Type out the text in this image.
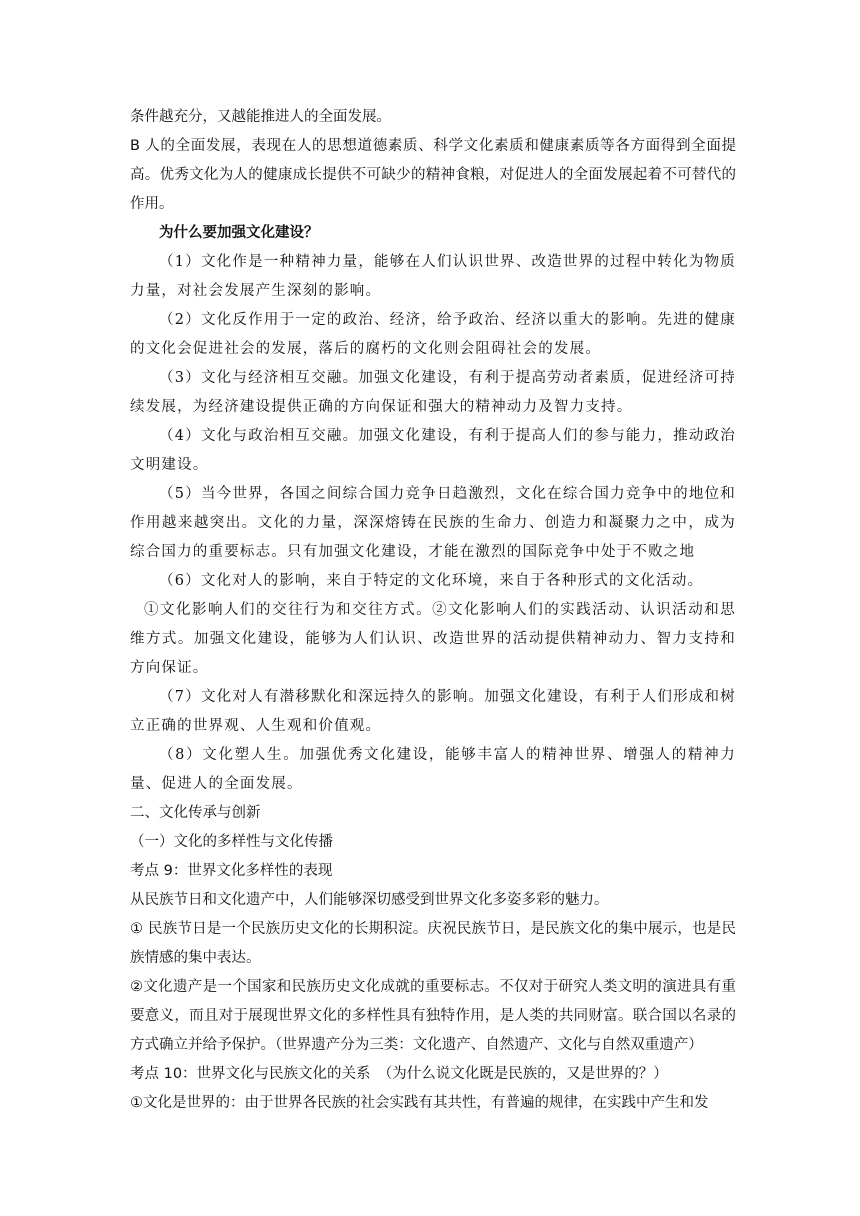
条件越充分，又越能推进人的全面发展。

B 人的全面发展，表现在人的思想道德素质、科学文化素质和健康素质等各方面得到全面提高。优秀文化为人的健康成长提供不可缺少的精神食粮，对促进人的全面发展起着不可替代的作用。

为什么要加强文化建设？

（1）文化作是一种精神力量，能够在人们认识世界、改造世界的过程中转化为物质力量，对社会发展产生深刻的影响。

（2）文化反作用于一定的政治、经济，给予政治、经济以重大的影响。先进的健康的文化会促进社会的发展，落后的腐朽的文化则会阻碍社会的发展。

（3）文化与经济相互交融。加强文化建设，有利于提高劳动者素质，促进经济可持续发展，为经济建设提供正确的方向保证和强大的精神动力及智力支持。

（4）文化与政治相互交融。加强文化建设，有利于提高人们的参与能力，推动政治文明建设。

（5）当今世界，各国之间综合国力竞争日趋激烈，文化在综合国力竞争中的地位和作用越来越突出。文化的力量，深深熔铸在民族的生命力、创造力和凝聚力之中，成为综合国力的重要标志。只有加强文化建设，才能在激烈的国际竞争中处于不败之地

（6）文化对人的影响，来自于特定的文化环境，来自于各种形式的文化活动。

①文化影响人们的交往行为和交往方式。②文化影响人们的实践活动、认识活动和思维方式。加强文化建设，能够为人们认识、改造世界的活动提供精神动力、智力支持和方向保证。

（7）文化对人有潜移默化和深远持久的影响。加强文化建设，有利于人们形成和树立正确的世界观、人生观和价值观。

（8）文化塑人生。加强优秀文化建设，能够丰富人的精神世界、增强人的精神力量、促进人的全面发展。

二、文化传承与创新

（一）文化的多样性与文化传播

考点 9：世界文化多样性的表现

从民族节日和文化遗产中，人们能够深切感受到世界文化多姿多彩的魅力。

① 民族节日是一个民族历史文化的长期积淀。庆祝民族节日，是民族文化的集中展示，也是民族情感的集中表达。

②文化遗产是一个国家和民族历史文化成就的重要标志。不仅对于研究人类文明的演进具有重要意义，而且对于展现世界文化的多样性具有独特作用，是人类的共同财富。联合国以名录的方式确立并给予保护。（世界遗产分为三类：文化遗产、自然遗产、文化与自然双重遗产）

考点 10：世界文化与民族文化的关系　（为什么说文化既是民族的，又是世界的？）

①文化是世界的：由于世界各民族的社会实践有其共性，有普遍的规律，在实践中产生和发
